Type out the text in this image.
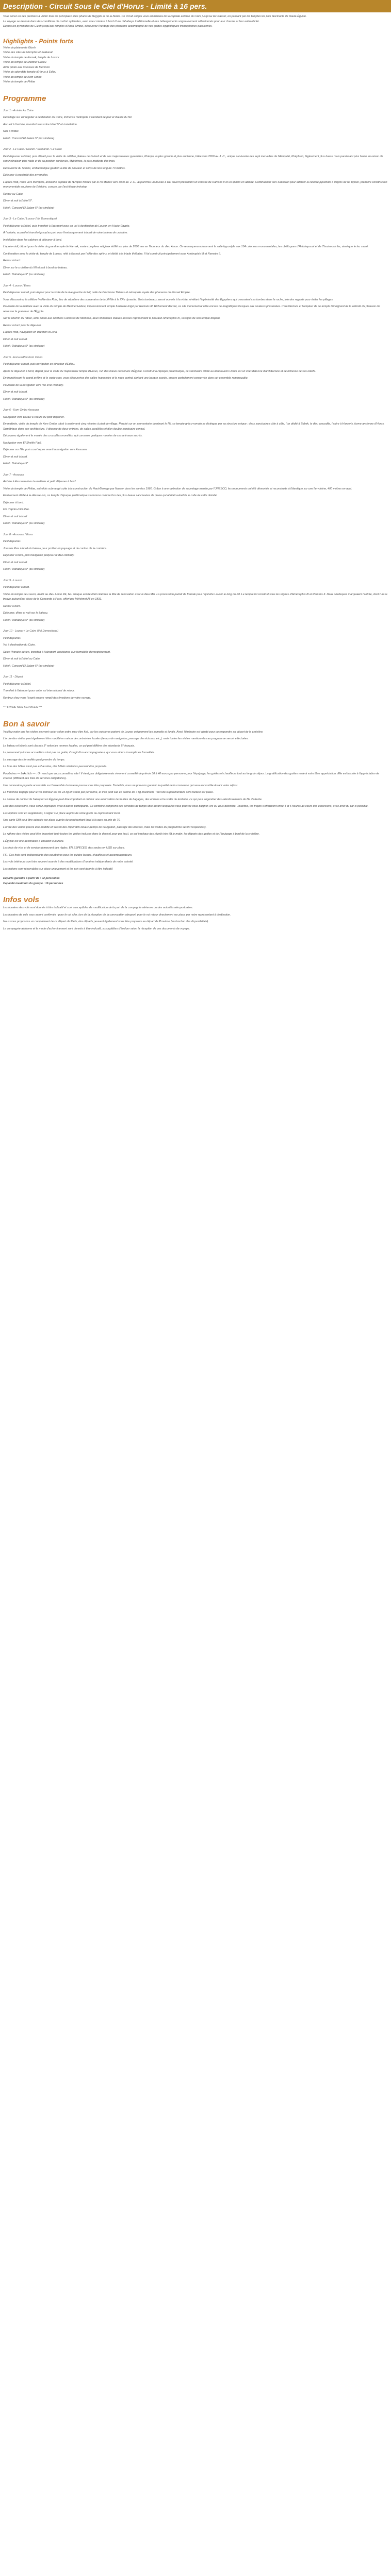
Description - Circuit Sous le Ciel d'Horus - Limité à 16 pers.

Vous serez un des premiers à visiter tous les principaux sites phares de l'Egypte et de la Nubie. Ce circuit unique vous emmènera de la capitale animée du Caire jusqu'au lac Nasser, en passant par les temples les plus fascinants de Haute-Égypte.

Le voyage se déroule dans des conditions de confort optimales, avec une croisière à bord d'une dahabeya traditionnelle et des hébergements soigneusement sélectionnés pour leur charme et leur authenticité.

Depuis les pyramides de Gizeh jusqu'aux temples d'Abou Simbel, découvrez l'héritage des pharaons accompagné de nos guides égyptologues francophones passionnés.

Highlights - Points forts

Visite du plateau de Gizeh

Visite des sites de Memphis et Sakkarah

Visite du temple de Karnak, temple de Louxor

Visite du temple de Médinet Habou

Arrêt photo aux Colosses de Memnon

Visite du splendide temple d'Horus à Edfou

Visite du temple de Kom Ombo

Visite du temple de Philae

Programme

Jour 1 - Arrivée Au Caire

Décollage sur vol régulier à destination du Caire, immense métropole s'étendant de part et d'autre du Nil.

Accueil à l'arrivée, transfert vers votre hôtel 5* et installation.

Nuit à l'hôtel.

Hôtel : Concord El Salam 5* (ou similaire)

Jour 2 - Le Caire / Guizeh / Sakkarah / Le Caire

Petit déjeuner à l'hôtel, puis départ pour la visite du célèbre plateau de Guizeh et de ses majestueuses pyramides, Khéops, la plus grande et plus ancienne, bâtie vers 2650 av. J.-C., unique survivante des sept merveilles de l'Antiquité, Khéphren, légèrement plus basse mais paraissant plus haute en raison de son inclinaison plus raide et de sa position surélevée, Mykérinos, la plus modeste des trois.

Découverte du Sphinx, emblématique gardien à tête de pharaon et corps de lion long de 73 mètres.

Déjeuner à proximité des pyramides.

L'après-midi, route vers Memphis, ancienne capitale de l'Empire fondée par le roi Ménès vers 3000 av. J.-C., aujourd'hui un musée à ciel ouvert présentant un colosse de Ramsès II et un sphinx en albâtre. Continuation vers Sakkarah pour admirer la célèbre pyramide à degrés du roi Djoser, première construction monumentale en pierre de l'histoire, conçue par l'architecte Imhotep.

Retour au Caire.

Dîner et nuit à l'hôtel 5*.

Hôtel : Concord El Salam 5* (ou similaire)

Jour 3 - Le Caire / Louxor (Vol Domestique)

Petit déjeuner à l'hôtel, puis transfert à l'aéroport pour un vol à destination de Louxor, en Haute-Égypte.

À l'arrivée, accueil et transfert jusqu'au port pour l'embarquement à bord de votre bateau de croisière.

Installation dans les cabines et déjeuner à bord.

L'après-midi, départ pour la visite du grand temple de Karnak, vaste complexe religieux édifié sur plus de 2000 ans en l'honneur du dieu Amon. On remarquera notamment la salle hypostyle aux 134 colonnes monumentales, les obélisques d'Hatchepsout et de Thoutmosis Ier, ainsi que le lac sacré.

Continuation avec la visite du temple de Louxor, relié à Karnak par l'allée des sphinx, et dédié à la triade thébaine. Il fut construit principalement sous Aménophis III et Ramsès II.

Retour à bord.

Dîner sur le croisière du Nil et nuit à bord du bateau.

Hôtel : Dahabeya 5* (ou similaire)

Jour 4 - Louxor / Esna

Petit déjeuner à bord, puis départ pour la visite de la rive gauche du Nil, celle de l'ancienne Thèbes et nécropole royale des pharaons du Nouvel Empire.

Vous découvrirez la célèbre Vallée des Rois, lieu de sépulture des souverains de la XVIIIe à la XXe dynastie. Trois tombeaux seront ouverts à la visite, révélant l'ingéniosité des Égyptiens qui creusaient ces tombes dans la roche, loin des regards pour éviter les pillages.

Poursuite de la matinée avec la visite du temple de Médinet Habou, impressionnant temple funéraire érigé par Ramsès III. Richement décoré, ce site monumental offre encore de magnifiques fresques aux couleurs préservées. L'architecture et l'ampleur de ce temple témoignent de la volonté du pharaon de retrouver la grandeur de l'Égypte.

Sur le chemin du retour, arrêt photo aux célèbres Colosses de Memnon, deux immenses statues assises représentant le pharaon Aménophis III, vestiges de son temple disparu.

Retour à bord pour le déjeuner.

L'après-midi, navigation en direction d'Esna.

Dîner et nuit à bord.

Hôtel : Dahabeya 5* (ou similaire)

Jour 5 - Esna Edfou Kom Ombo

Petit déjeuner à bord, puis navigation en direction d'Edfou.

Après le déjeuner à bord, départ pour la visite du majestueux temple d'Horus, l'un des mieux conservés d'Égypte. Construit à l'époque ptolémaïque, ce sanctuaire dédié au dieu faucon Horus est un chef-d'œuvre d'architecture et de richesse de ses reliefs.

En franchissant le grand pylône et le vaste cour, vous découvrirez des salles hypostyles et le naos central abritant une barque sacrée, encore parfaitement conservée dans cet ensemble remarquable.

Poursuite de la navigation vers l'île d'Ali Ramady.

Dîner et nuit à bord.

Hôtel : Dahabeya 5* (ou similaire)

Jour 6 - Kom Ombo Assouan

Navigation vers Daraw à l'heure du petit déjeuner.

En matinée, visite du temple de Kom Ombo, situé à seulement cinq minutes à pied du village. Perché sur un promontoire dominant le Nil, ce temple gréco-romain se distingue par sa structure unique : deux sanctuaires côte à côte, l'un dédié à Sobek, le dieu crocodile, l'autre à Haroeris, forme ancienne d'Horus. Symétrique dans son architecture, il dispose de deux entrées, de salles parallèles et d'un double sanctuaire central.

Découvrez également le musée des crocodiles momifiés, qui conserve quelques momies de ces animaux sacrés.

Navigation vers El Sheikh Fadl.

Déjeuner sur l'île, puis court repos avant la navigation vers Assouan.

Dîner et nuit à bord.

Hôtel : Dahabeya 5*

Jour 7 - Assouan

Arrivée à Assouan dans la matinée et petit déjeuner à bord.

Visite du temple de Philae, autrefois submergé suite à la construction du Haut-Barrage par Nasser dans les années 1960. Grâce à une opération de sauvetage menée par l'UNESCO, les monuments ont été démontés et reconstruits à l'identique sur une île voisine, 400 mètres en aval.

Entièrement dédié à la déesse Isis, ce temple d'époque ptolémaïque s'annonce comme l'un des plus beaux sanctuaires de pierre qui abritait autrefois le culte de cette divinité.

Déjeuner à bord.

Fin d'après-midi libre.

Dîner et nuit à bord.

Hôtel : Dahabeya 5* (ou similaire)

Jour 8 - Assouan / Esna

Petit déjeuner.

Journée libre à bord du bateau pour profiter du paysage et du confort de la croisière.

Déjeuner à bord, puis navigation jusqu'à l'île d'El Ramady.

Dîner et nuit à bord.

Hôtel : Dahabeya 5* (ou similaire)

Jour 9 - Louxor

Petit déjeuner à bord.

Visite du temple de Louxor, dédié au dieu Amon Rê, lieu chaque année était célébrée la fête de rénovation avec le dieu Min. La procession partait de Karnak pour rejoindre Louxor le long du Nil. Le temple fut construit sous les règnes d'Aménophis III et Ramsès II. Deux obélisques marquaient l'entrée, dont l'un se trouve aujourd'hui place de la Concorde à Paris, offert par Méhémet Ali en 1831.

Retour à bord.

Déjeuner, dîner et nuit sur le bateau.

Hôtel : Dahabeya 5* (ou similaire)

Jour 10 - Louxor / Le Caire (Vol Domestique)

Petit déjeuner.

Vol à destination du Caire.

Selon l'horaire aérien, transfert à l'aéroport, assistance aux formalités d'enregistrement.

Dîner et nuit à l'hôtel au Caire.

Hôtel : Concord El Salam 5* (ou similaire)

Jour 11 - Départ

Petit déjeuner à l'hôtel.

Transfert à l'aéroport pour votre vol international de retour.

Rentrez chez vous l'esprit encore rempli des émotions de votre voyage.

*** FIN DE NOS SERVICES ***

Bon à savoir

Veuillez noter que les visites peuvent varier selon ordre pour être fixé, car les croisières partent de Louxor uniquement les samedis et lundis. Ainsi, l'itinéraire est ajusté pour correspondre au départ de la croisière.

L'ordre des visites peut également être modifié en raison de contraintes locales (temps de navigation, passage des écluses, etc.), mais toutes les visites mentionnées au programme seront effectuées.

Le bateau et hôtels sont classés 5* selon les normes locales, ce qui peut différer des standards 5* français.

Le personnel qui vous accueillera n'est pas un guide, il s'agit d'un accompagnateur, qui vous aidera à remplir les formalités.

Le passage des formalités peut prendre du temps.

La liste des hôtels n'est pas exhaustive, des hôtels similaires peuvent être proposés.

Pourboires — bakchich — : Un rend que vous connaîtrez vite ! Il n'est pas obligatoire mais vivement conseillé de prévoir 30 à 40 euros par personne pour l'équipage, les guides et chauffeurs tout au long du séjour. La gratification des guides reste à votre libre appréciation. Elle est laissée à l'appréciation de chacun (différent des frais de services obligatoires).

Une connexion payante accessible sur l'ensemble du bateau pourra vous être proposée. Toutefois, nous ne pouvons garantir la qualité de la connexion qui sera accessible durant votre séjour.

La franchise bagage pour le vol intérieur est de 23 kg en soute par personne, et d'un petit sac en cabine de 7 kg maximum. Tout kilo supplémentaire sera facturé sur place.

Le niveau de confort de l'aéroport en Égypte peut être important et obtenir une autorisation de fouilles de bagages, des entrées et la sortie du territoire, ce qui peut engendrer des ralentissements de file d'attente.

Lors des excursions, vous serez regroupés avec d'autres participants. Ce combiné comprend des périodes de temps libre durant lesquelles vous pourrez vous baigner, lire ou vous détendre. Toutefois, les trajets s'effectuent entre 4 et 5 heures au cours des excursions, avec arrêt du car si possible.

Les options sont en supplément, à régler sur place auprès de votre guide ou représentant local.

Une carte SIM peut être achetée sur place auprès du représentant local à la gare au prix de 7€.

L'ordre des visites pourra être modifié en raison des impératifs locaux (temps de navigation, passage des écluses, mais les visites du programme seront respectées).

Le rythme des visites peut être important (voir toutes les visites incluses dans la devise) pour par jour), ce qui implique des réveils très tôt le matin, les départs des guides et de l'équipage à bord de la croisière.

L'Égypte est une destination à vocation culturelle.

Les frais de visa et de service demeurent des règles. EN ESPECES, des seules en USD sur place.

FS : Ces frais sont indépendants des pourboires pour les guides locaux, chauffeurs et accompagnateurs.

Les vols intérieurs sont très souvent soumis à des modifications d'horaires indépendants de notre volonté.

Les options sont réservables sur place uniquement et les prix sont donnés à titre indicatif.

Départs garantis à partir de : 02 personnes

Capacité maximum du groupe : 16 personnes

Infos vols

Les horaires des vols sont donnés à titre indicatif et sont susceptibles de modification de la part de la compagnie aérienne ou des autorités aéroportuaires.

Les horaires de vols vous seront confirmés : pour le vol aller, lors de la réception de la convocation aéroport, pour le vol retour directement sur place par notre représentant à destination.

Nous vous proposons un complément de ce départ de Paris, des départs peuvent également vous être proposés au départ de Province (en fonction des disponibilités).

La compagnie aérienne et le mode d'acheminement sont donnés à titre indicatif, susceptibles d'évoluer selon la réception de vos documents de voyage.
